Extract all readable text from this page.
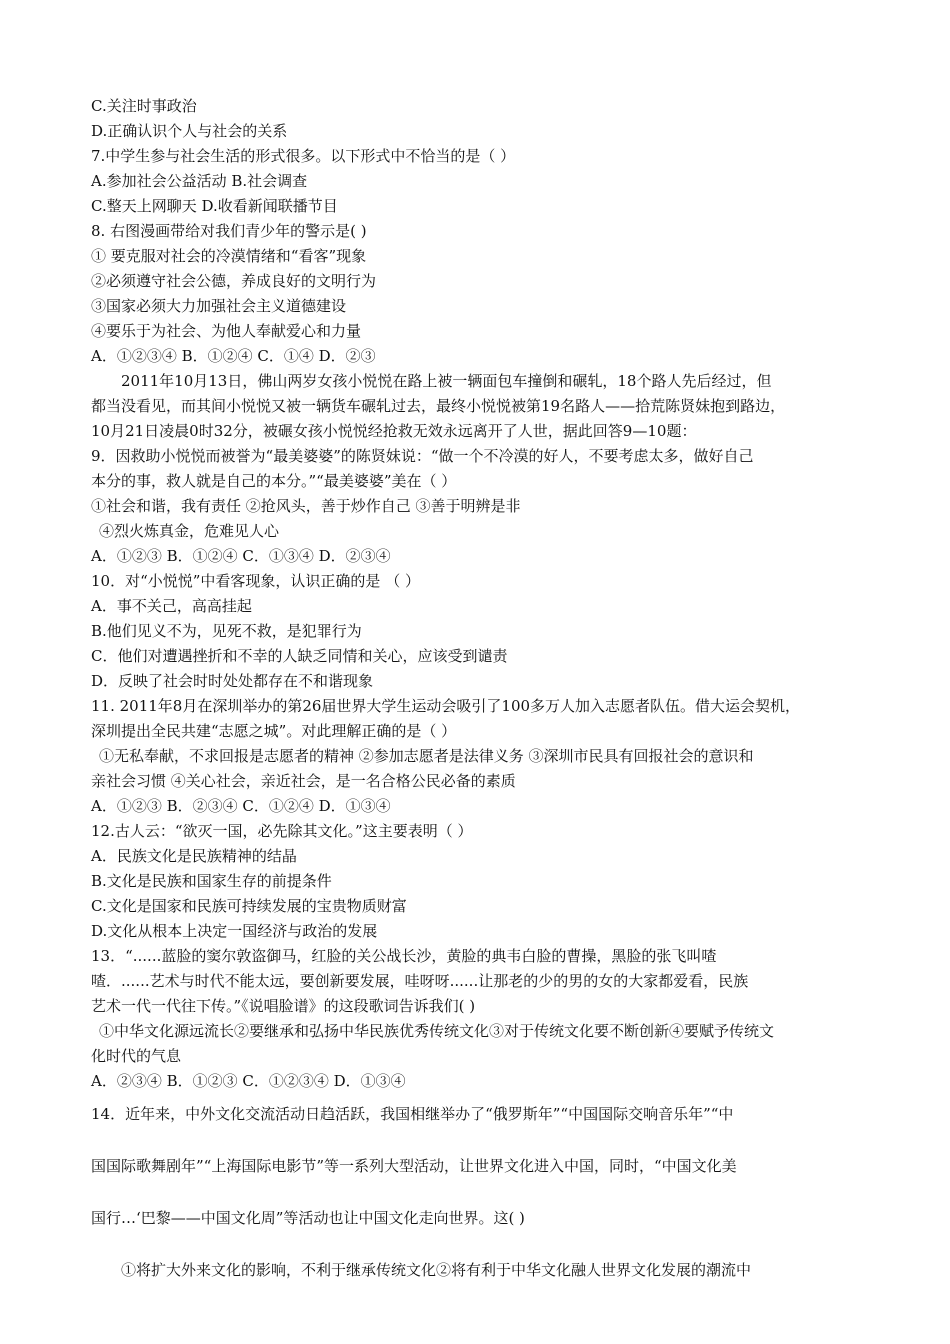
C.关注时事政治
D.正确认识个人与社会的关系
7.中学生参与社会生活的形式很多。以下形式中不恰当的是（ ）
A.参加社会公益活动 B.社会调查
C.整天上网聊天 D.收看新闻联播节目
8. 右图漫画带给对我们青少年的警示是( )
① 要克服对社会的冷漠情绪和“看客”现象
②必须遵守社会公德，养成良好的文明行为
③国家必须大力加强社会主义道德建设
④要乐于为社会、为他人奉献爱心和力量
A．①②③④ B．①②④ C．①④ D．②③
2011年10月13日，佛山两岁女孩小悦悦在路上被一辆面包车撞倒和碾轧，18个路人先后经过，但
都当没看见，而其间小悦悦又被一辆货车碾轧过去，最终小悦悦被第19名路人——拾荒陈贤妹抱到路边，
10月21日凌晨0时32分，被碾女孩小悦悦经抢救无效永远离开了人世，据此回答9—10题：
9．因救助小悦悦而被誉为“最美婆婆”的陈贤妹说：“做一个不冷漠的好人，不要考虑太多，做好自己
本分的事，救人就是自己的本分。”“最美婆婆”美在（ ）
①社会和谐，我有责任 ②抢风头，善于炒作自己 ③善于明辨是非
④烈火炼真金，危难见人心
A．①②③ B．①②④ C．①③④ D．②③④
10．对“小悦悦”中看客现象，认识正确的是 （ ）
A．事不关己，高高挂起
B.他们见义不为，见死不救，是犯罪行为
C．他们对遭遇挫折和不幸的人缺乏同情和关心，应该受到谴责
D．反映了社会时时处处都存在不和谐现象
11. 2011年8月在深圳举办的第26届世界大学生运动会吸引了100多万人加入志愿者队伍。借大运会契机，
深圳提出全民共建“志愿之城”。对此理解正确的是（ ）
①无私奉献，不求回报是志愿者的精神 ②参加志愿者是法律义务 ③深圳市民具有回报社会的意识和
亲社会习惯 ④关心社会，亲近社会，是一名合格公民必备的素质
A．①②③ B．②③④ C．①②④ D．①③④
12.古人云：“欲灭一国，必先除其文化。”这主要表明（ ）
A．民族文化是民族精神的结晶
B.文化是民族和国家生存的前提条件
C.文化是国家和民族可持续发展的宝贵物质财富
D.文化从根本上决定一国经济与政治的发展
13．“......蓝脸的窦尔敦盗御马，红脸的关公战长沙，黄脸的典韦白脸的曹操，黑脸的张飞叫喳
喳．......艺术与时代不能太远，要创新要发展，哇呀呀......让那老的少的男的女的大家都爱看，民族
艺术一代一代往下传。”《说唱脸谱》的这段歌词告诉我们( )
①中华文化源远流长②要继承和弘扬中华民族优秀传统文化③对于传统文化要不断创新④要赋予传统文
化时代的气息
A．②③④ B．①②③ C．①②③④ D．①③④
14．近年来，中外文化交流活动日趋活跃，我国相继举办了“俄罗斯年”“中国国际交响音乐年”“中
国国际歌舞剧年”“上海国际电影节”等一系列大型活动，让世界文化进入中国，同时，“中国文化美
国行…‘巴黎——中国文化周”等活动也让中国文化走向世界。这( )
①将扩大外来文化的影响，不利于继承传统文化②将有利于中华文化融人世界文化发展的潮流中
